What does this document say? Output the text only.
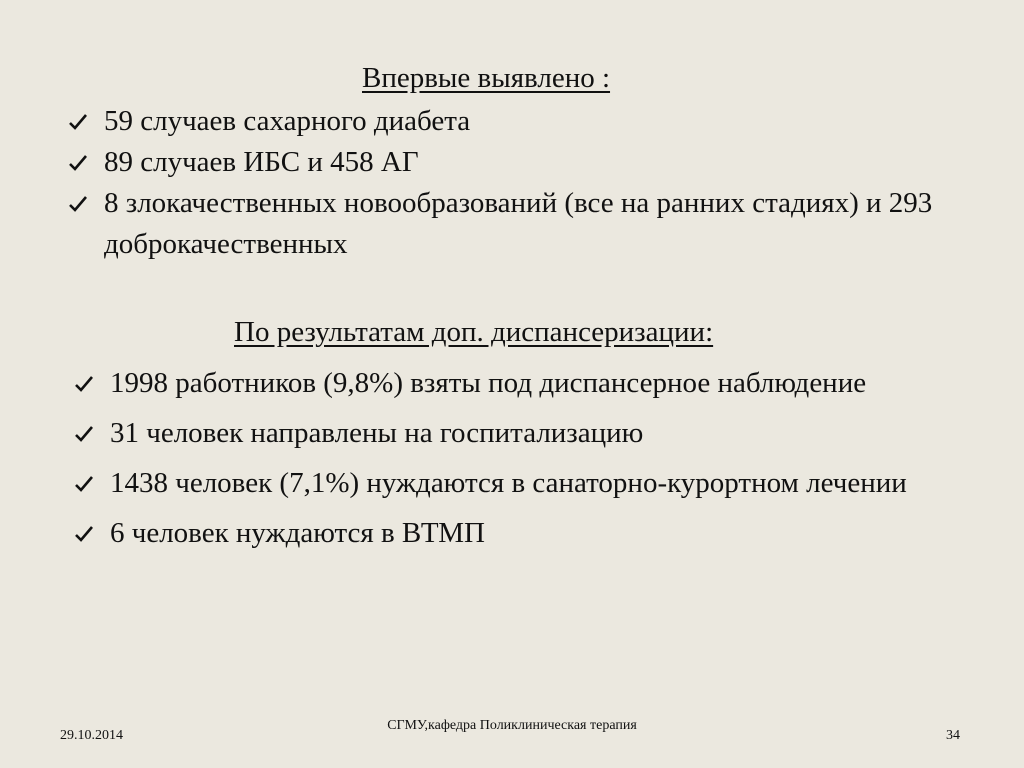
Впервые выявлено :
59 случаев сахарного диабета
89 случаев ИБС и 458 АГ
8 злокачественных новообразований (все на ранних стадиях) и 293 доброкачественных
По результатам доп. диспансеризации:
1998 работников (9,8%) взяты под диспансерное наблюдение
31 человек направлены на госпитализацию
1438 человек (7,1%) нуждаются в санаторно-курортном лечении
6 человек нуждаются в ВТМП
29.10.2014
СГМУ,кафедра Поликлиническая терапия
34
